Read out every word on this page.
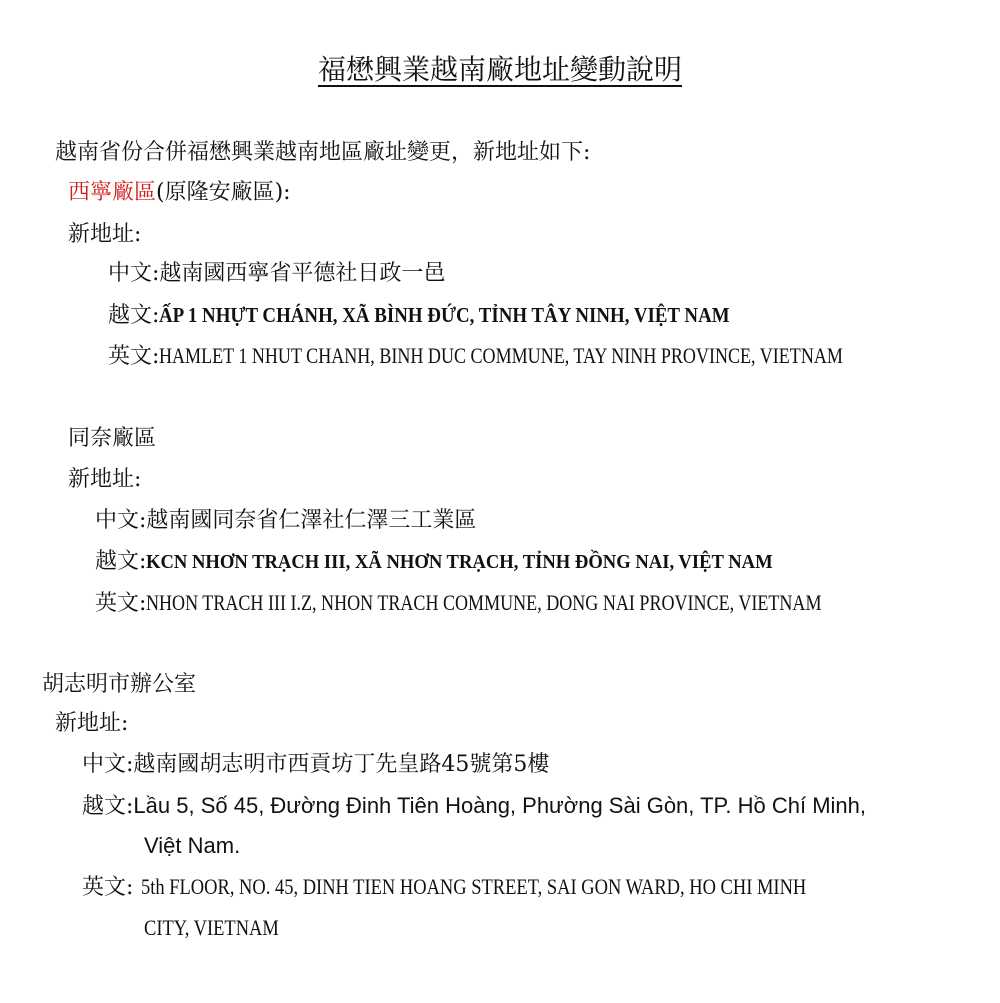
福懋興業越南廠地址變動說明
越南省份合併福懋興業越南地區廠址變更，新地址如下:
西寧廠區(原隆安廠區):
新地址:
中文:越南國西寧省平德社日政一邑
越文:ẤP 1 NHỰT CHÁNH, XÃ BÌNH ĐỨC, TỈNH TÂY NINH, VIỆT NAM
英文:HAMLET 1 NHUT CHANH, BINH DUC COMMUNE, TAY NINH PROVINCE, VIETNAM
同奈廠區
新地址:
中文:越南國同奈省仁澤社仁澤三工業區
越文:KCN NHƠN TRẠCH III, XÃ NHƠN TRẠCH, TỈNH ĐỒNG NAI, VIỆT NAM
英文:NHON TRACH III I.Z, NHON TRACH COMMUNE, DONG NAI PROVINCE, VIETNAM
胡志明市辦公室
新地址:
中文:越南國胡志明市西貢坊丁先皇路45號第5樓
越文:Lầu 5, Số 45, Đường Đinh Tiên Hoàng, Phường Sài Gòn, TP. Hồ Chí Minh,
Việt Nam.
英文: 5th FLOOR, NO. 45, DINH TIEN HOANG STREET, SAI GON WARD, HO CHI MINH
CITY, VIETNAM
